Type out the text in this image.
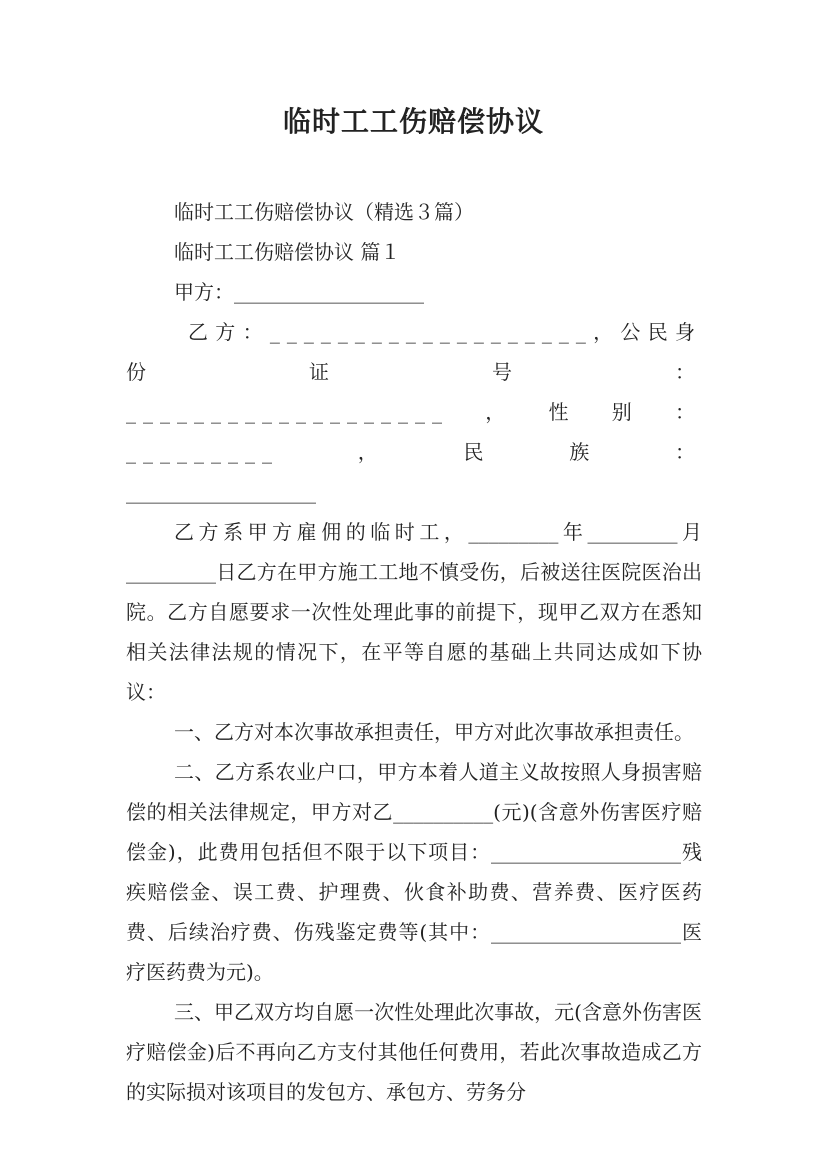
临时工工伤赔偿协议

临时工工伤赔偿协议（精选３篇）

临时工工伤赔偿协议 篇１

甲方：___________________

乙方：___________________，公民身份证号：

___________________，性别：_________，民族：

___________________

乙方系甲方雇佣的临时工，_________年_________月_________日乙方在甲方施工工地不慎受伤，后被送往医院医治出院。乙方自愿要求一次性处理此事的前提下，现甲乙双方在悉知相关法律法规的情况下，在平等自愿的基础上共同达成如下协议：

一、乙方对本次事故承担责任，甲方对此次事故承担责任。

二、乙方系农业户口，甲方本着人道主义故按照人身损害赔偿的相关法律规定，甲方对乙__________(元)(含意外伤害医疗赔偿金)，此费用包括但不限于以下项目：___________________残疾赔偿金、误工费、护理费、伙食补助费、营养费、医疗医药费、后续治疗费、伤残鉴定费等(其中：___________________医疗医药费为元)。

三、甲乙双方均自愿一次性处理此次事故，元(含意外伤害医疗赔偿金)后不再向乙方支付其他任何费用，若此次事故造成乙方的实际损对该项目的发包方、承包方、劳务分
